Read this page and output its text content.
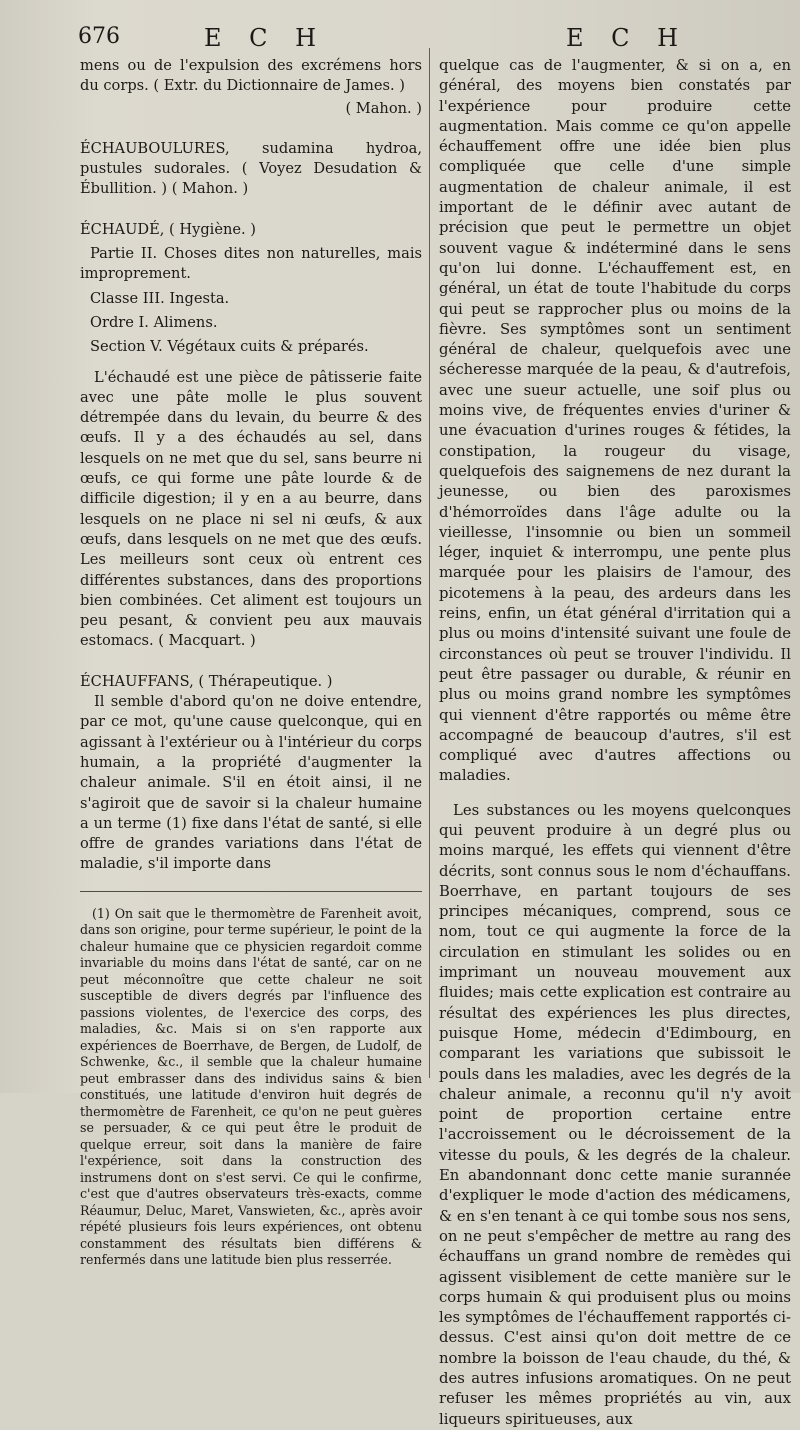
676	E C H	E C H

mens ou de l'expulsion des excrémens hors du corps. ( Extr. du Dictionnaire de James. )

( Mahon. )

ÉCHAUBOULURES, sudamina hydroa, pustules sudorales. ( Voyez Desudation & Ébullition. ) ( Mahon. )

ÉCHAUDÉ, ( Hygiène. )

Partie II. Choses dites non naturelles, mais improprement.

Classe III. Ingesta.

Ordre I. Alimens.

Section V. Végétaux cuits & préparés.

L'échaudé est une pièce de pâtisserie faite avec une pâte molle le plus souvent détrempée dans du levain, du beurre & des œufs. Il y a des échaudés au sel, dans lesquels on ne met que du sel, sans beurre ni œufs, ce qui forme une pâte lourde & de difficile digestion; il y en a au beurre, dans lesquels on ne place ni sel ni œufs, & aux œufs, dans lesquels on ne met que des œufs. Les meilleurs sont ceux où entrent ces différentes substances, dans des proportions bien combinées. Cet aliment est toujours un peu pesant, & convient peu aux mauvais estomacs. ( Macquart. )

ÉCHAUFFANS, ( Thérapeutique. )

Il semble d'abord qu'on ne doive entendre, par ce mot, qu'une cause quelconque, qui en agissant à l'extérieur ou à l'intérieur du corps humain, a la propriété d'augmenter la chaleur animale. S'il en étoit ainsi, il ne s'agiroit que de savoir si la chaleur humaine a un terme (1) fixe dans l'état de santé, si elle offre de grandes variations dans l'état de maladie, s'il importe dans

(1) On sait que le thermomètre de Farenheit avoit, dans son origine, pour terme supérieur, le point de la chaleur humaine que ce physicien regardoit comme invariable du moins dans l'état de santé, car on ne peut méconnoître que cette chaleur ne soit susceptible de divers degrés par l'influence des passions violentes, de l'exercice des corps, des maladies, &c. Mais si on s'en rapporte aux expériences de Boerrhave, de Bergen, de Ludolf, de Schwenke, &c., il semble que la chaleur humaine peut embrasser dans des individus sains & bien constitués, une latitude d'environ huit degrés de thermomètre de Farenheit, ce qu'on ne peut guères se persuader, & ce qui peut être le produit de quelque erreur, soit dans la manière de faire l'expérience, soit dans la construction des instrumens dont on s'est servi. Ce qui le confirme, c'est que d'autres observateurs très-exacts, comme Réaumur, Deluc, Maret, Vanswieten, &c., après avoir répété plusieurs fois leurs expériences, ont obtenu constamment des résultats bien différens & renfermés dans une latitude bien plus resserrée.

quelque cas de l'augmenter, & si on a, en général, des moyens bien constatés par l'expérience pour produire cette augmentation. Mais comme ce qu'on appelle échauffement offre une idée bien plus compliquée que celle d'une simple augmentation de chaleur animale, il est important de le définir avec autant de précision que peut le permettre un objet souvent vague & indéterminé dans le sens qu'on lui donne. L'échauffement est, en général, un état de toute l'habitude du corps qui peut se rapprocher plus ou moins de la fièvre. Ses symptômes sont un sentiment général de chaleur, quelquefois avec une sécheresse marquée de la peau, & d'autrefois, avec une sueur actuelle, une soif plus ou moins vive, de fréquentes envies d'uriner & une évacuation d'urines rouges & fétides, la constipation, la rougeur du visage, quelquefois des saignemens de nez durant la jeunesse, ou bien des paroxismes d'hémorroïdes dans l'âge adulte ou la vieillesse, l'insomnie ou bien un sommeil léger, inquiet & interrompu, une pente plus marquée pour les plaisirs de l'amour, des picotemens à la peau, des ardeurs dans les reins, enfin, un état général d'irritation qui a plus ou moins d'intensité suivant une foule de circonstances où peut se trouver l'individu. Il peut être passager ou durable, & réunir en plus ou moins grand nombre les symptômes qui viennent d'être rapportés ou même être accompagné de beaucoup d'autres, s'il est compliqué avec d'autres affections ou maladies.

Les substances ou les moyens quelconques qui peuvent produire à un degré plus ou moins marqué, les effets qui viennent d'être décrits, sont connus sous le nom d'échauffans. Boerrhave, en partant toujours de ses principes mécaniques, comprend, sous ce nom, tout ce qui augmente la force de la circulation en stimulant les solides ou en imprimant un nouveau mouvement aux fluides; mais cette explication est contraire au résultat des expériences les plus directes, puisque Home, médecin d'Edimbourg, en comparant les variations que subissoit le pouls dans les maladies, avec les degrés de la chaleur animale, a reconnu qu'il n'y avoit point de proportion certaine entre l'accroissement ou le décroissement de la vitesse du pouls, & les degrés de la chaleur. En abandonnant donc cette manie surannée d'expliquer le mode d'action des médicamens, & en s'en tenant à ce qui tombe sous nos sens, on ne peut s'empêcher de mettre au rang des échauffans un grand nombre de remèdes qui agissent visiblement de cette manière sur le corps humain & qui produisent plus ou moins les symptômes de l'échauffement rapportés ci-dessus. C'est ainsi qu'on doit mettre de ce nombre la boisson de l'eau chaude, du thé, & des autres infusions aromatiques. On ne peut refuser les mêmes propriétés au vin, aux liqueurs spiritueuses, aux
